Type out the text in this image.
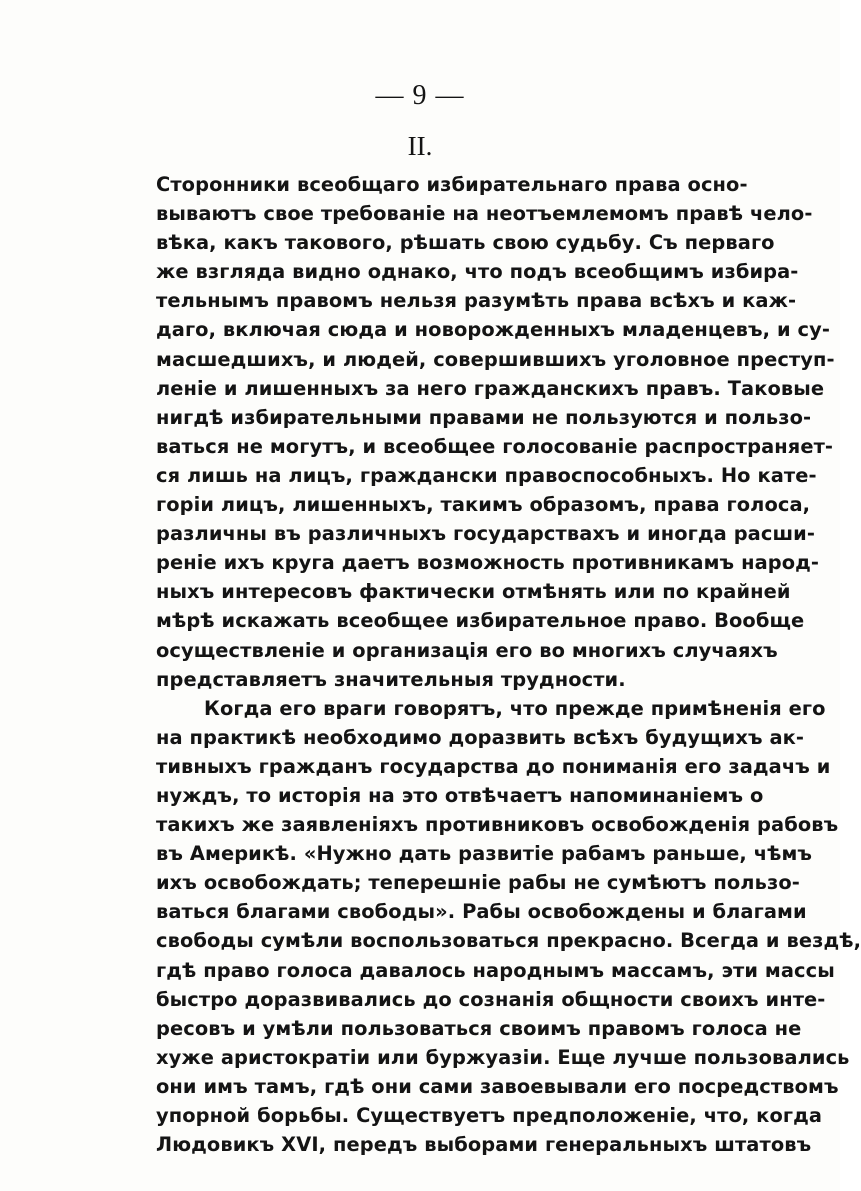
— 9 —
II.
Сторонники всеобщаго избирательнаго права осно-
вываютъ свое требованіе на неотъемлемомъ правѣ чело-
вѣка, какъ такового, рѣшать свою судьбу. Съ перваго
же взгляда видно однако, что подъ всеобщимъ избира-
тельнымъ правомъ нельзя разумѣть права всѣхъ и каж-
даго, включая сюда и новорожденныхъ младенцевъ, и су-
масшедшихъ, и людей, совершившихъ уголовное преступ-
леніе и лишенныхъ за него гражданскихъ правъ. Таковые
нигдѣ избирательными правами не пользуются и пользо-
ваться не могутъ, и всеобщее голосованіе распространяет-
ся лишь на лицъ, граждански правоспособныхъ. Но кате-
горіи лицъ, лишенныхъ, такимъ образомъ, права голоса,
различны въ различныхъ государствахъ и иногда расши-
реніе ихъ круга даетъ возможность противникамъ народ-
ныхъ интересовъ фактически отмѣнять или по крайней
мѣрѣ искажать всеобщее избирательное право. Вообще
осуществленіе и организація его во многихъ случаяхъ
представляетъ значительныя трудности.
Когда его враги говорятъ, что прежде примѣненія его
на практикѣ необходимо доразвить всѣхъ будущихъ ак-
тивныхъ гражданъ государства до пониманія его задачъ и
нуждъ, то исторія на это отвѣчаетъ напоминаніемъ о
такихъ же заявленіяхъ противниковъ освобожденія рабовъ
въ Америкѣ. «Нужно дать развитіе рабамъ раньше, чѣмъ
ихъ освобождать; теперешніе рабы не сумѣютъ пользо-
ваться благами свободы». Рабы освобождены и благами
свободы сумѣли воспользоваться прекрасно. Всегда и вездѣ,
гдѣ право голоса давалось народнымъ массамъ, эти массы
быстро доразвивались до сознанія общности своихъ инте-
ресовъ и умѣли пользоваться своимъ правомъ голоса не
хуже аристократіи или буржуазіи. Еще лучше пользовались
они имъ тамъ, гдѣ они сами завоевывали его посредствомъ
упорной борьбы. Существуетъ предположеніе, что, когда
Людовикъ XVI, передъ выборами генеральныхъ штатовъ
